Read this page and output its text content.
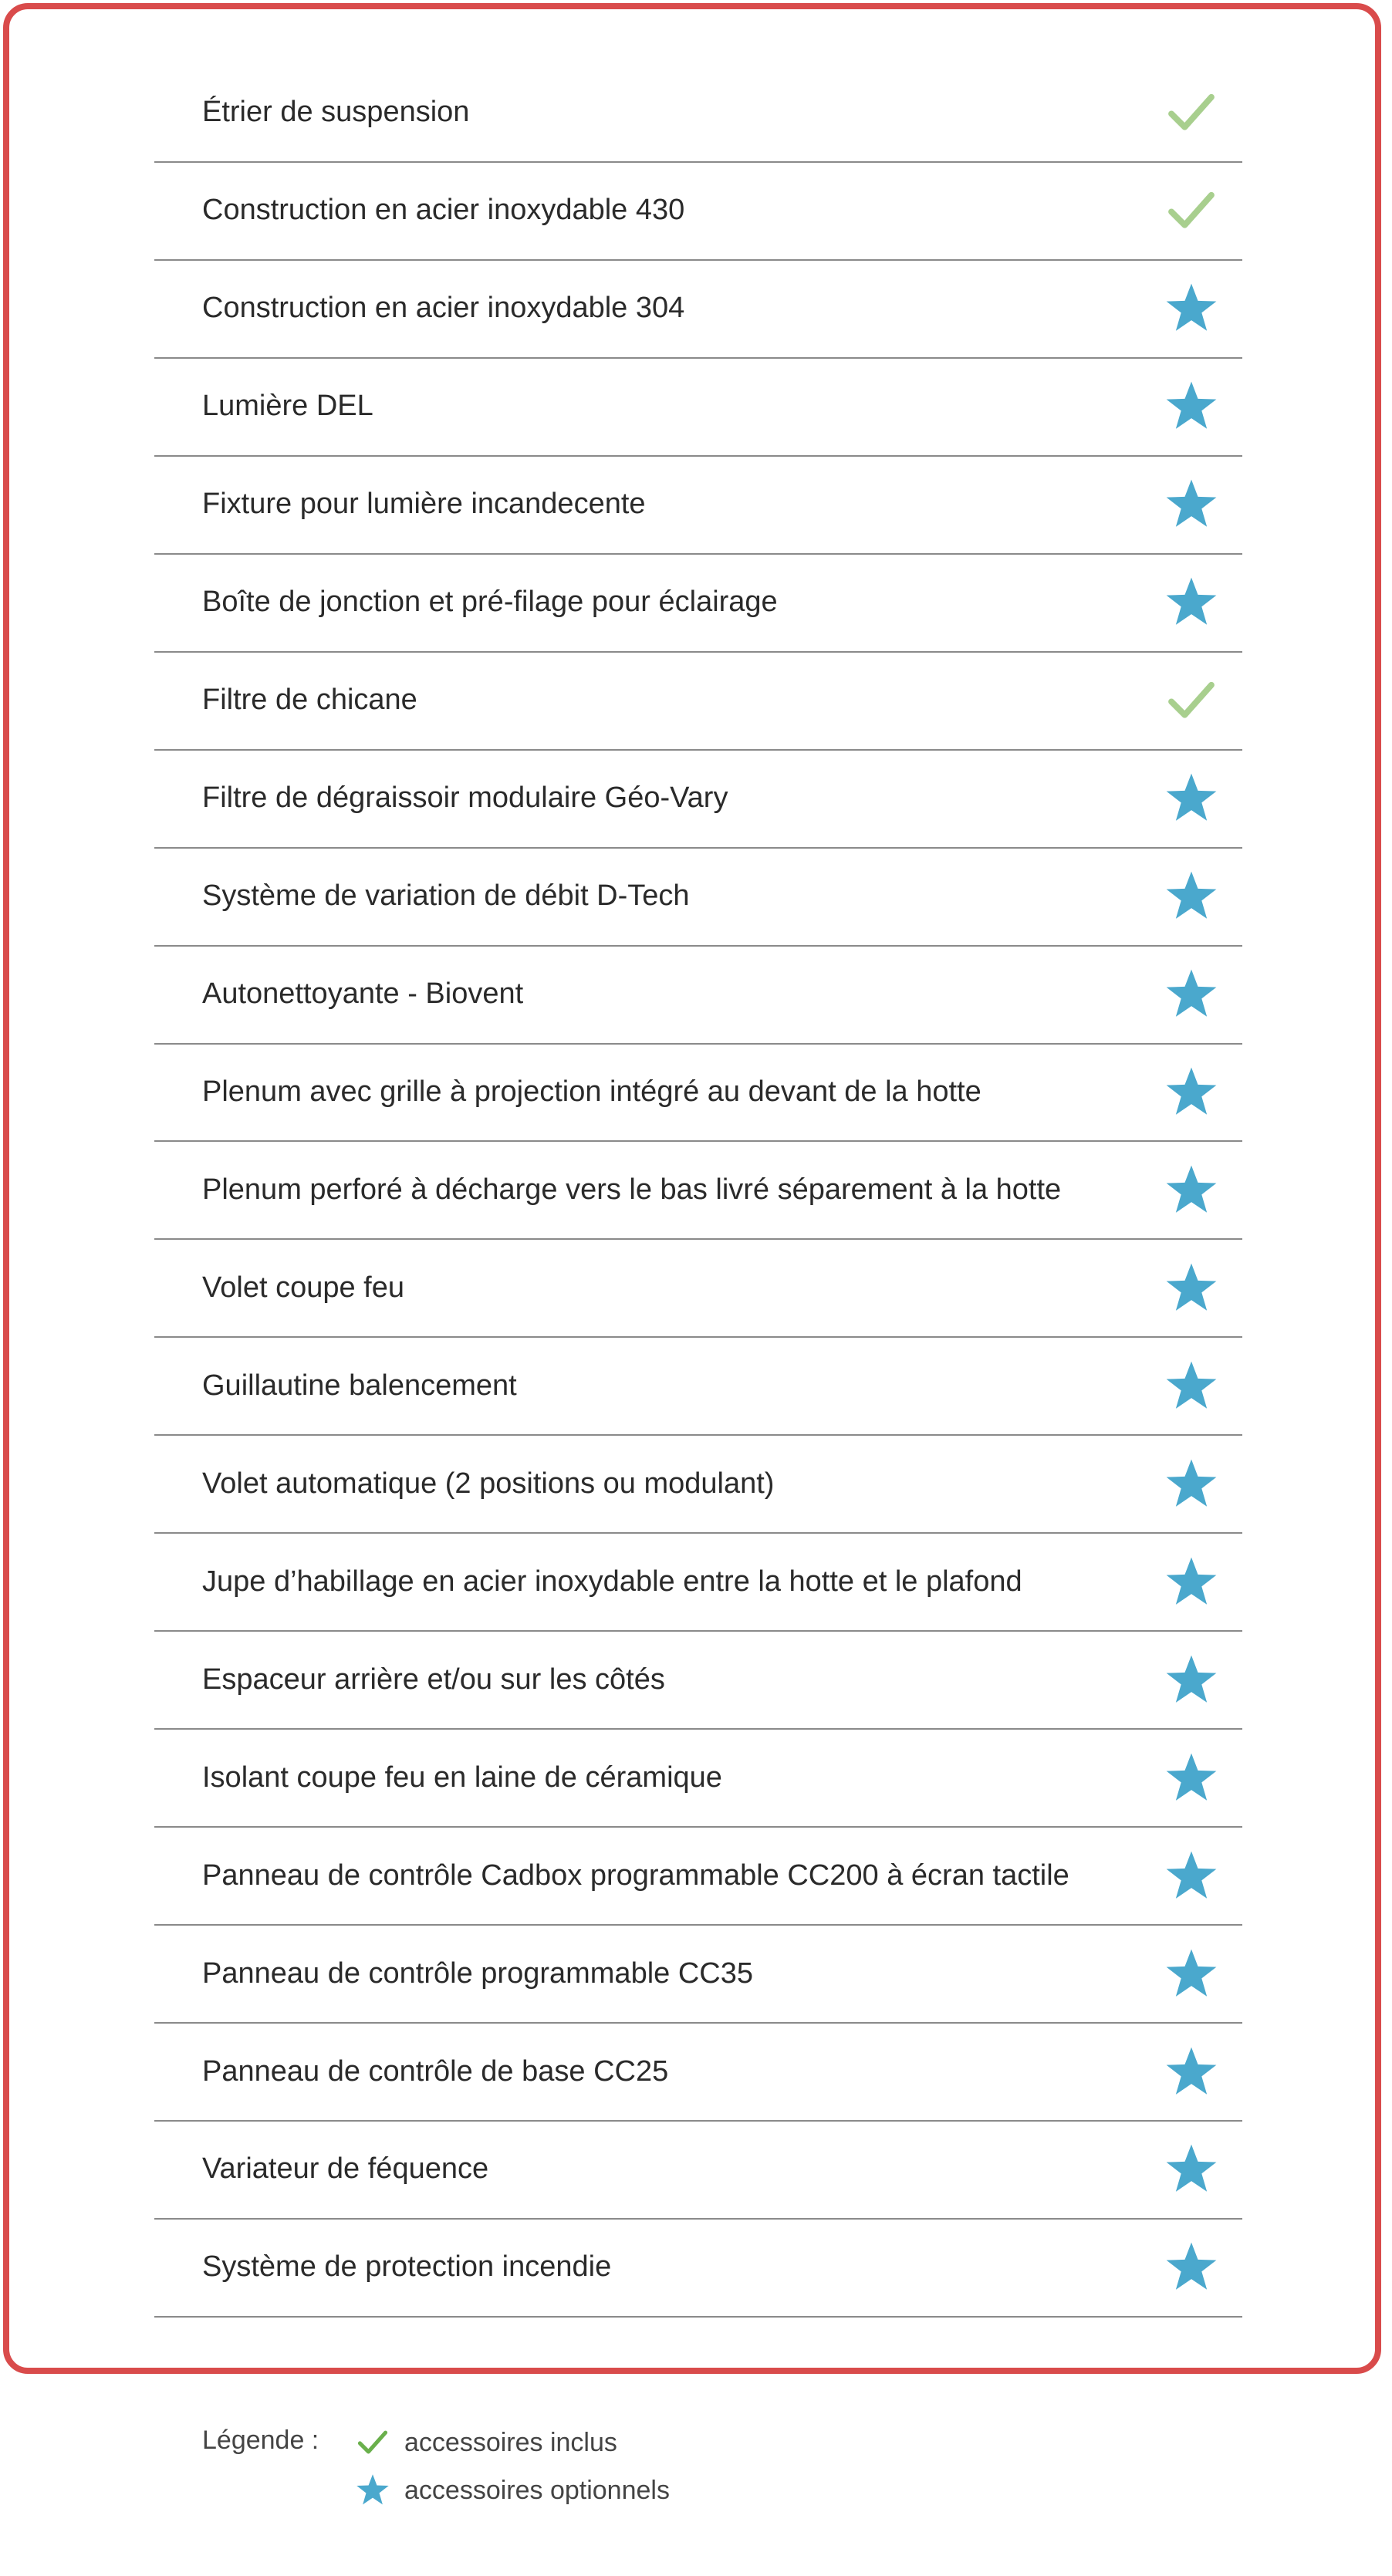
Étrier de suspension
Construction en acier inoxydable 430
Construction en acier inoxydable 304
Lumière DEL
Fixture pour lumière incandecente
Boîte de jonction et pré-filage pour éclairage
Filtre de chicane
Filtre de dégraissoir modulaire Géo-Vary
Système de variation de débit D-Tech
Autonettoyante - Biovent
Plenum avec grille à projection intégré au devant de la hotte
Plenum perforé à décharge vers le bas livré séparement à la hotte
Volet coupe feu
Guillautine balencement
Volet automatique (2 positions ou modulant)
Jupe d’habillage en acier inoxydable entre la hotte et le plafond
Espaceur arrière et/ou sur les côtés
Isolant coupe feu en laine de céramique
Panneau de contrôle Cadbox programmable CC200 à écran tactile
Panneau de contrôle programmable CC35
Panneau de contrôle de base CC25
Variateur de féquence
Système de protection incendie
Légende :	accessoires inclus
accessoires optionnels
